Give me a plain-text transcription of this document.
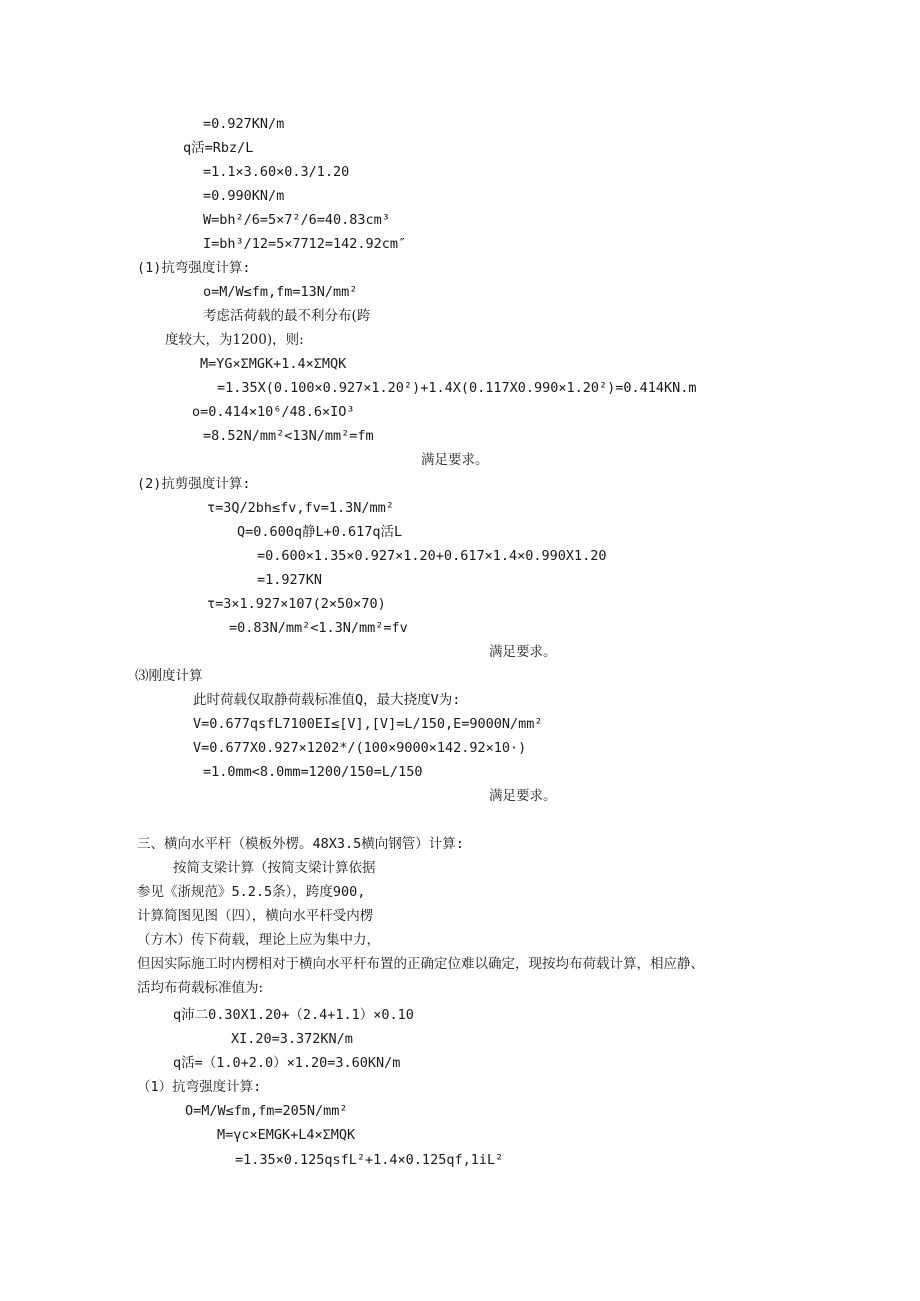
=0.927KN/m
q活=Rbz/L
=1.1×3.60×0.3/1.20
=0.990KN/m
W=bh²/6=5×7²/6=40.83cm³
I=bh³/12=5×7712=142.92cm″
(1)抗弯强度计算:
o=M/W≤fm,fm=13N/mm²
考虑活荷载的最不利分布(跨
度较大，为1200)，则:
M=YG×ΣMGK+1.4×ΣMQK
=1.35X(0.100×0.927×1.20²)+1.4X(0.117X0.990×1.20²)=0.414KN.m
o=0.414×10⁶/48.6×IO³
=8.52N/mm²<13N/mm²=fm
满足要求。
(2)抗剪强度计算:
τ=3Q/2bh≤fv,fv=1.3N/mm²
Q=0.600q静L+0.617q活L
=0.600×1.35×0.927×1.20+0.617×1.4×0.990X1.20
=1.927KN
τ=3×1.927×107(2×50×70)
=0.83N/mm²<1.3N/mm²=fv
满足要求。
⑶刚度计算
此时荷载仅取静荷载标准值Q，最大挠度V为:
V=0.677qsfL7100EI≤[V],[V]=L/150,E=9000N/mm²
V=0.677X0.927×1202*/(100×9000×142.92×10·)
=1.0mm<8.0mm=1200/150=L/150
满足要求。
三、横向水平杆（模板外楞。48X3.5横向钢管）计算:
按简支梁计算（按简支梁计算依据
参见《浙规范》5.2.5条），跨度900,
计算简图见图（四），横向水平杆受内楞
（方木）传下荷载，理论上应为集中力，
但因实际施工时内楞相对于横向水平杆布置的正确定位难以确定，现按均布荷载计算，相应静、
活均布荷载标准值为:
q沛二0.30X1.20+（2.4+1.1）×0.10
XI.20=3.372KN/m
q活=（1.0+2.0）×1.20=3.60KN/m
（1）抗弯强度计算:
O=M/W≤fm,fm=205N/mm²
M=γc×EMGK+L4×ΣMQK
=1.35×0.125qsfL²+1.4×0.125qf,1iL²
